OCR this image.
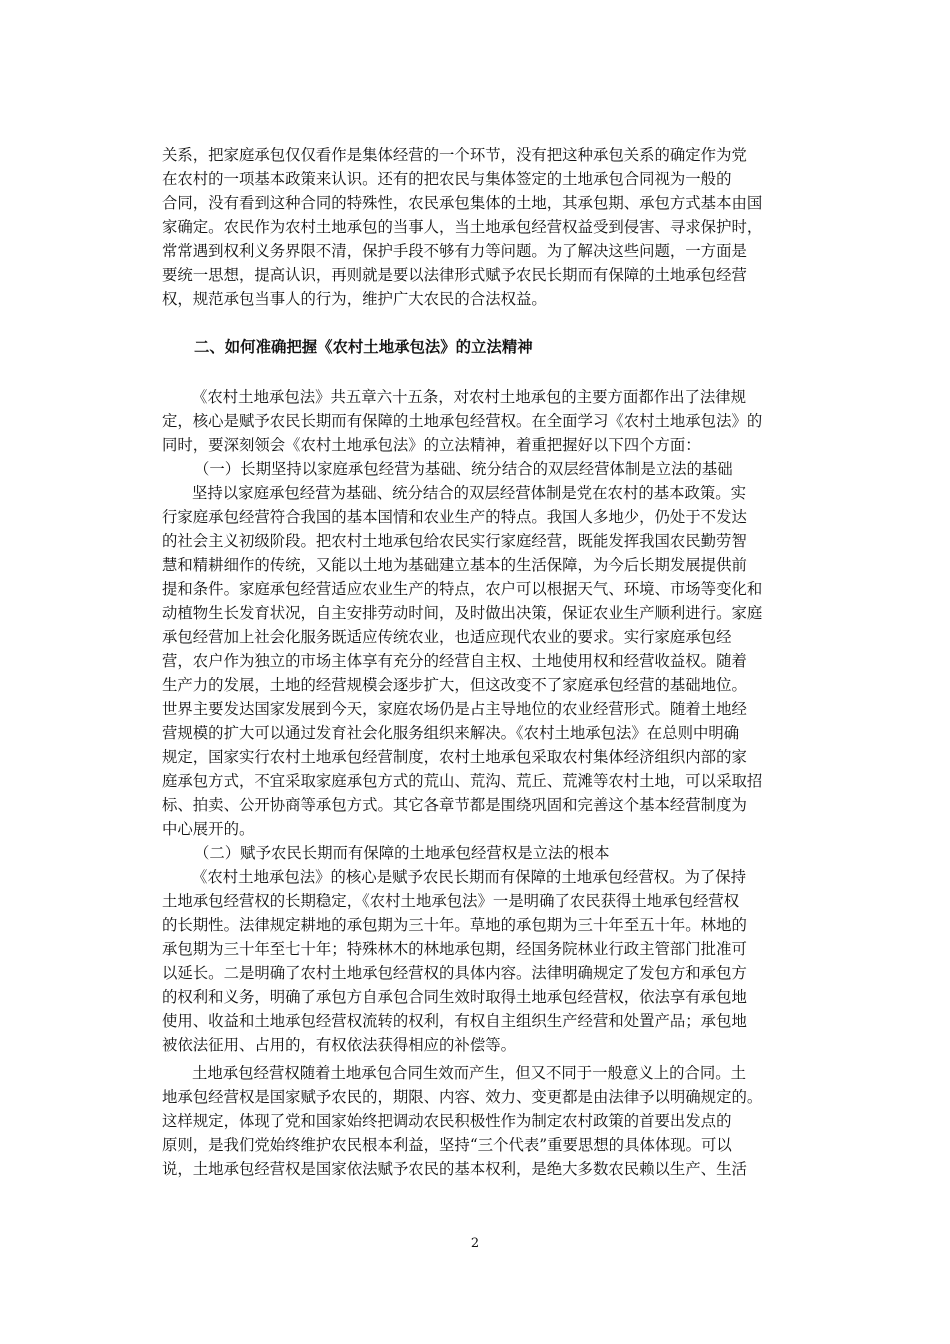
关系，把家庭承包仅仅看作是集体经营的一个环节，没有把这种承包关系的确定作为党
在农村的一项基本政策来认识。还有的把农民与集体签定的土地承包合同视为一般的
合同，没有看到这种合同的特殊性，农民承包集体的土地，其承包期、承包方式基本由国
家确定。农民作为农村土地承包的当事人，当土地承包经营权益受到侵害、寻求保护时，
常常遇到权利义务界限不清，保护手段不够有力等问题。为了解决这些问题，一方面是
要统一思想，提高认识，再则就是要以法律形式赋予农民长期而有保障的土地承包经营
权，规范承包当事人的行为，维护广大农民的合法权益。
二、如何准确把握《农村土地承包法》的立法精神
《农村土地承包法》共五章六十五条，对农村土地承包的主要方面都作出了法律规
定，核心是赋予农民长期而有保障的土地承包经营权。在全面学习《农村土地承包法》的
同时，要深刻领会《农村土地承包法》的立法精神，着重把握好以下四个方面：
（一）长期坚持以家庭承包经营为基础、统分结合的双层经营体制是立法的基础
坚持以家庭承包经营为基础、统分结合的双层经营体制是党在农村的基本政策。实
行家庭承包经营符合我国的基本国情和农业生产的特点。我国人多地少，仍处于不发达
的社会主义初级阶段。把农村土地承包给农民实行家庭经营，既能发挥我国农民勤劳智
慧和精耕细作的传统，又能以土地为基础建立基本的生活保障，为今后长期发展提供前
提和条件。家庭承包经营适应农业生产的特点，农户可以根据天气、环境、市场等变化和
动植物生长发育状况，自主安排劳动时间，及时做出决策，保证农业生产顺利进行。家庭
承包经营加上社会化服务既适应传统农业，也适应现代农业的要求。实行家庭承包经
营，农户作为独立的市场主体享有充分的经营自主权、土地使用权和经营收益权。随着
生产力的发展，土地的经营规模会逐步扩大，但这改变不了家庭承包经营的基础地位。
世界主要发达国家发展到今天，家庭农场仍是占主导地位的农业经营形式。随着土地经
营规模的扩大可以通过发育社会化服务组织来解决。《农村土地承包法》在总则中明确
规定，国家实行农村土地承包经营制度，农村土地承包采取农村集体经济组织内部的家
庭承包方式，不宜采取家庭承包方式的荒山、荒沟、荒丘、荒滩等农村土地，可以采取招
标、拍卖、公开协商等承包方式。其它各章节都是围绕巩固和完善这个基本经营制度为
中心展开的。
（二）赋予农民长期而有保障的土地承包经营权是立法的根本
《农村土地承包法》的核心是赋予农民长期而有保障的土地承包经营权。为了保持
土地承包经营权的长期稳定，《农村土地承包法》一是明确了农民获得土地承包经营权
的长期性。法律规定耕地的承包期为三十年。草地的承包期为三十年至五十年。林地的
承包期为三十年至七十年；特殊林木的林地承包期，经国务院林业行政主管部门批准可
以延长。二是明确了农村土地承包经营权的具体内容。法律明确规定了发包方和承包方
的权利和义务，明确了承包方自承包合同生效时取得土地承包经营权，依法享有承包地
使用、收益和土地承包经营权流转的权利，有权自主组织生产经营和处置产品；承包地
被依法征用、占用的，有权依法获得相应的补偿等。
土地承包经营权随着土地承包合同生效而产生，但又不同于一般意义上的合同。土
地承包经营权是国家赋予农民的，期限、内容、效力、变更都是由法律予以明确规定的。
这样规定，体现了党和国家始终把调动农民积极性作为制定农村政策的首要出发点的
原则，是我们党始终维护农民根本利益，坚持“三个代表”重要思想的具体体现。可以
说，土地承包经营权是国家依法赋予农民的基本权利，是绝大多数农民赖以生产、生活
2
